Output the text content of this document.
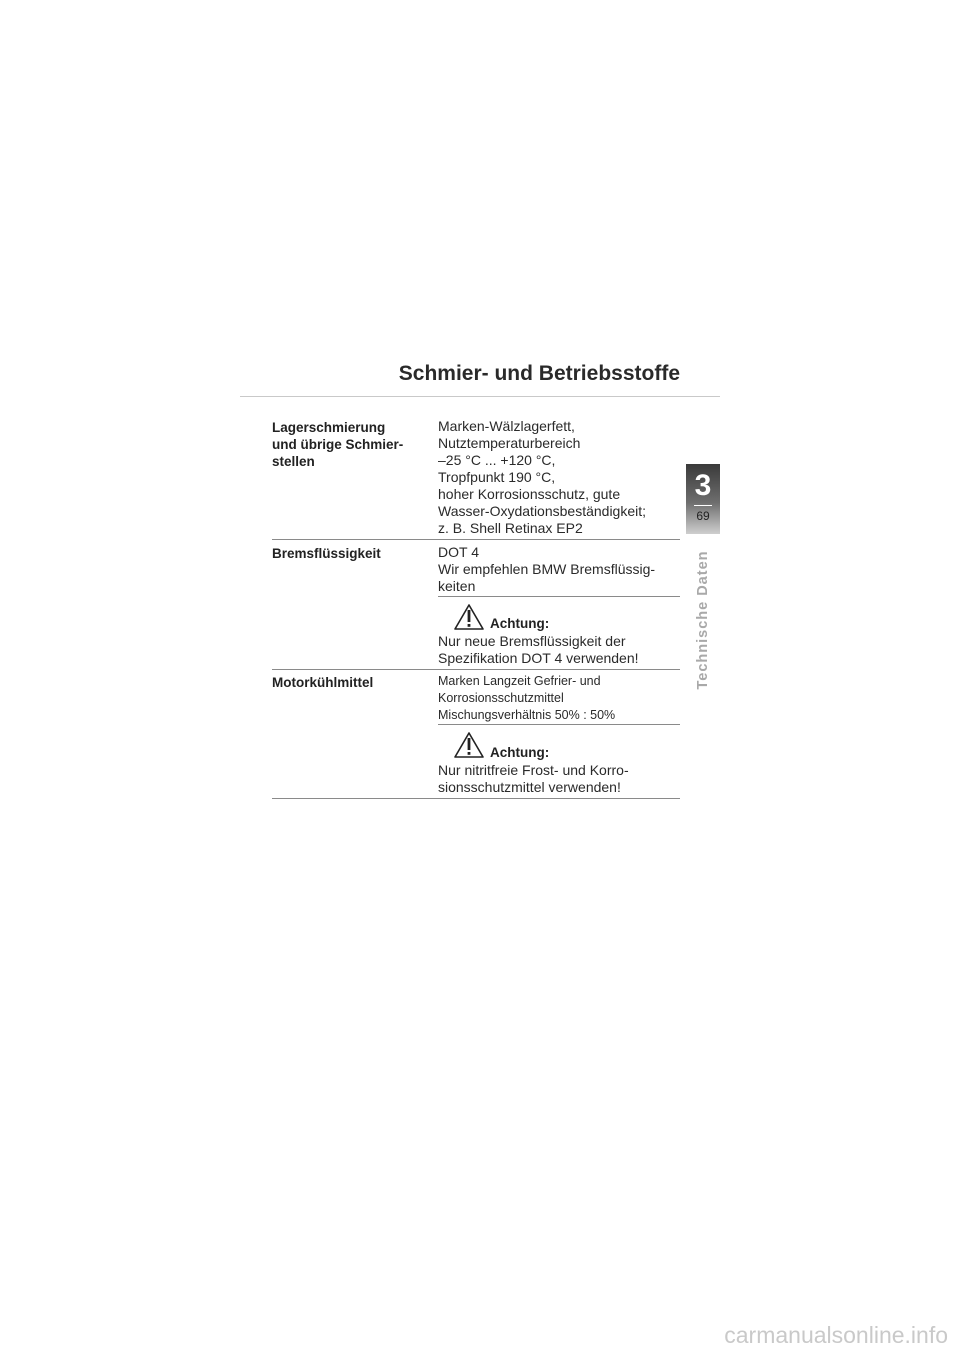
Schmier- und Betriebsstoffe
Lagerschmierung
und übrige Schmier-
stellen
Marken-Wälzlagerfett,
Nutztemperaturbereich
–25 °C ... +120 °C,
Tropfpunkt 190 °C,
hoher Korrosionsschutz, gute
Wasser-Oxydationsbeständigkeit;
z. B. Shell Retinax EP2
Bremsflüssigkeit	DOT 4
Wir empfehlen BMW Bremsflüssig-
keiten
Achtung:
Nur neue Bremsflüssigkeit der
Spezifikation DOT 4 verwenden!
Motorkühlmittel	Marken Langzeit Gefrier- und
Korrosionsschutzmittel
Mischungsverhältnis 50% : 50%
Achtung:
Nur nitritfreie Frost- und Korro-
sionsschutzmittel verwenden!
3
69
Technische Daten
carmanualsonline.info
